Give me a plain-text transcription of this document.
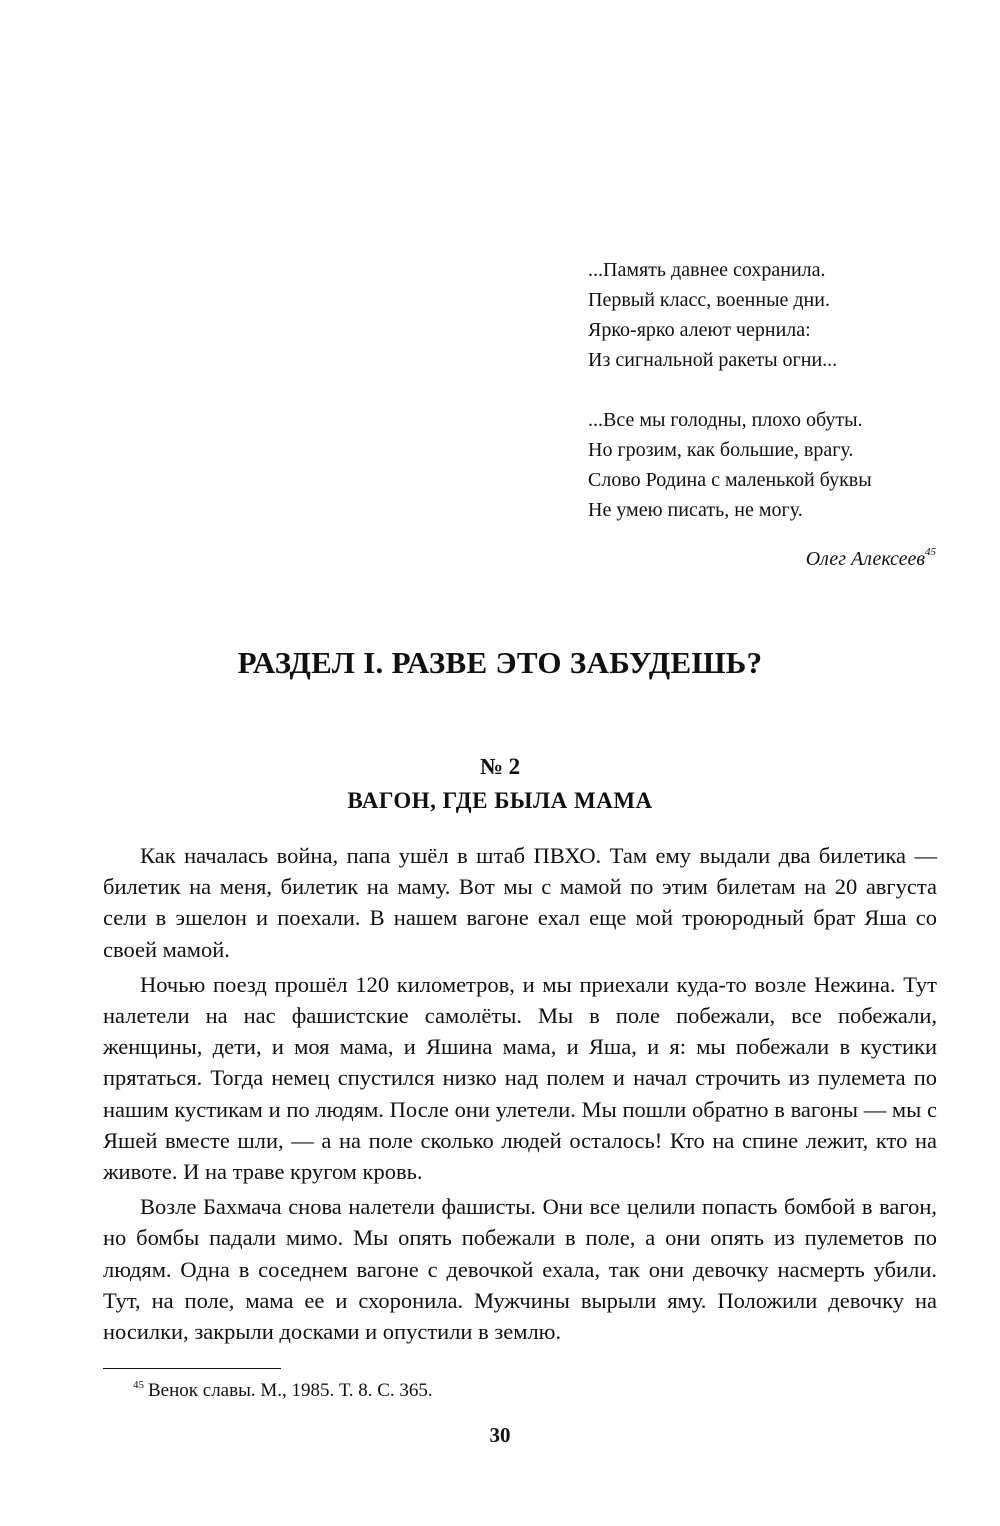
...Память давнее сохранила.
Первый класс, военные дни.
Ярко-ярко алеют чернила:
Из сигнальной ракеты огни...
...Все мы голодны, плохо обуты.
Но грозим, как большие, врагу.
Слово Родина с маленькой буквы
Не умею писать, не могу.
Олег Алексеев$^{45}$
РАЗДЕЛ I. РАЗВЕ ЭТО ЗАБУДЕШЬ?
№ 2
ВАГОН, ГДЕ БЫЛА МАМА

Как началась война, папа ушёл в штаб ПВХО. Там ему выдали два билетика — билетик на меня, билетик на маму. Вот мы с мамой по этим билетам на 20 августа сели в эшелон и поехали. В нашем вагоне ехал еще мой троюродный брат Яша со своей мамой.

Ночью поезд прошёл 120 километров, и мы приехали куда-то возле Нежина. Тут налетели на нас фашистские самолёты. Мы в поле побежали, все побежали, женщины, дети, и моя мама, и Яшина мама, и Яша, и я: мы побежали в кустики прятаться. Тогда немец спустился низко над полем и начал строчить из пулемета по нашим кустикам и по людям. После они улетели. Мы пошли обратно в вагоны — мы с Яшей вместе шли, — а на поле сколько людей осталось! Кто на спине лежит, кто на животе. И на траве кругом кровь.

Возле Бахмача снова налетели фашисты. Они все целили попасть бомбой в вагон, но бомбы падали мимо. Мы опять побежали в поле, а они опять из пулеметов по людям. Одна в соседнем вагоне с девочкой ехала, так они девочку насмерть убили. Тут, на поле, мама ее и схоронила. Мужчины вырыли яму. Положили девочку на носилки, закрыли досками и опустили в землю.

$^{45}$ Венок славы. М., 1985. Т. 8. С. 365.
30
